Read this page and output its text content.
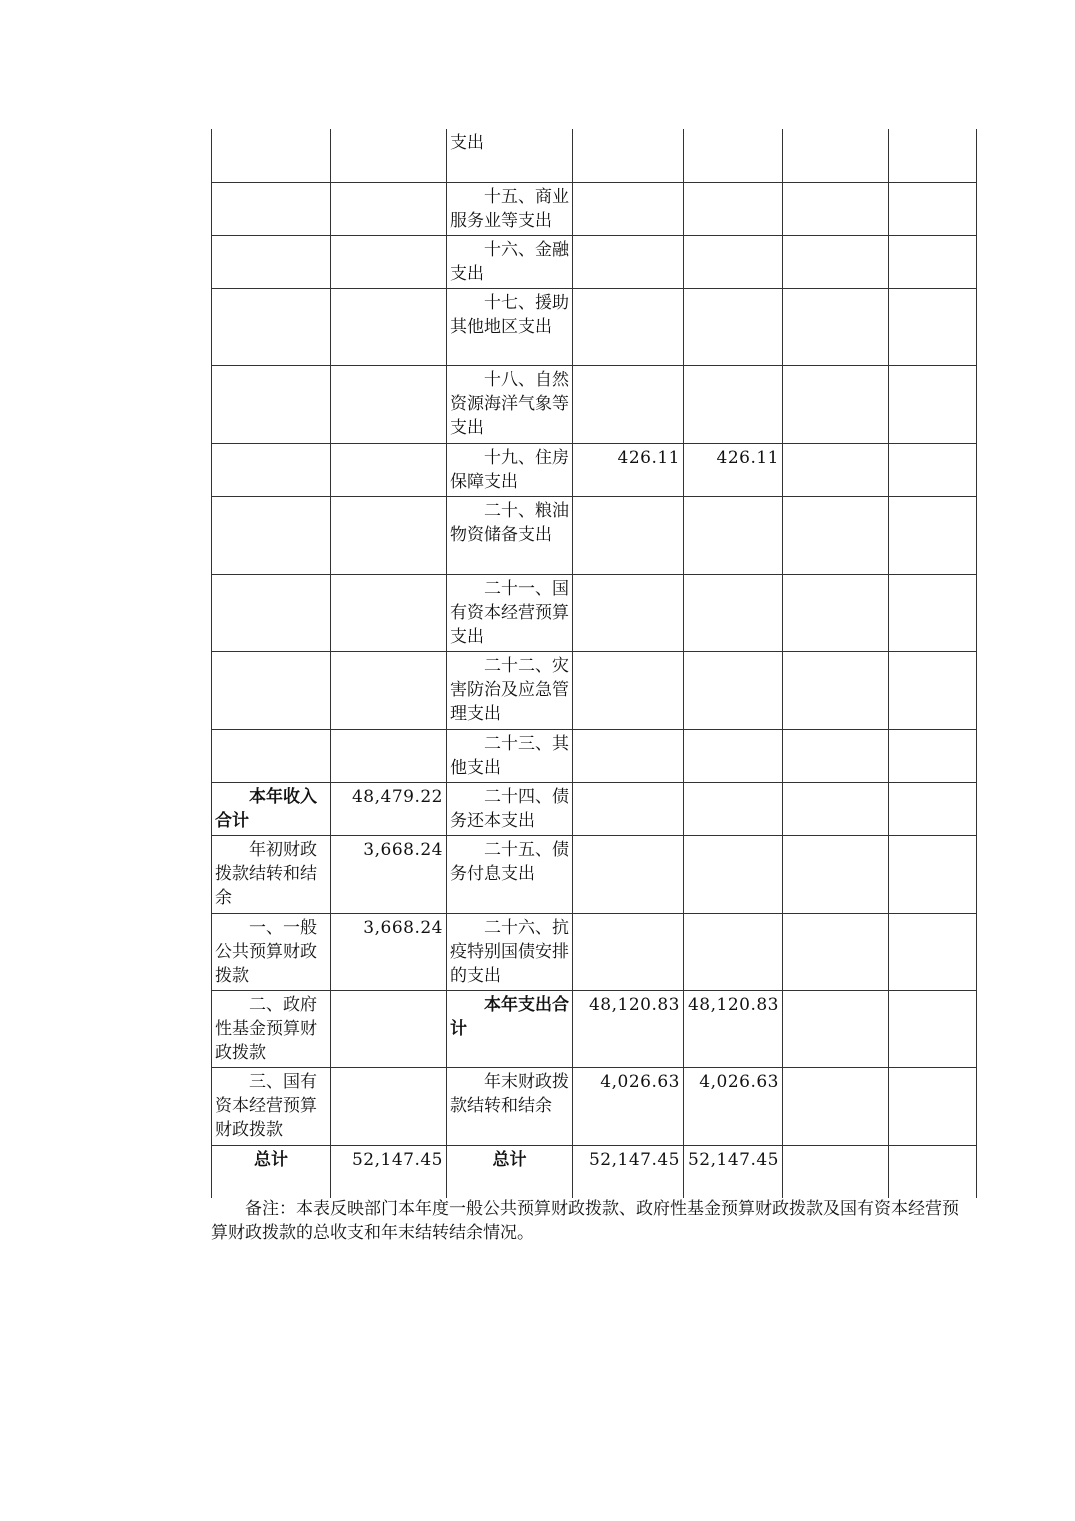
		支出				
		十五、商业服务业等支出				
		十六、金融支出				
		十七、援助其他地区支出				
		十八、自然资源海洋气象等支出				
		十九、住房保障支出	426.11	426.11		
		二十、粮油物资储备支出				
		二十一、国有资本经营预算支出				
		二十二、灾害防治及应急管理支出				
		二十三、其他支出				
本年收入合计	48,479.22	二十四、债务还本支出				
年初财政拨款结转和结余	3,668.24	二十五、债务付息支出				
一、一般公共预算财政拨款	3,668.24	二十六、抗疫特别国债安排的支出				
二、政府性基金预算财政拨款		本年支出合计	48,120.83	48,120.83		
三、国有资本经营预算财政拨款		年末财政拨款结转和结余	4,026.63	4,026.63		
总计	52,147.45	总计	52,147.45	52,147.45		
备注：本表反映部门本年度一般公共预算财政拨款、政府性基金预算财政拨款及国有资本经营预算财政拨款的总收支和年末结转结余情况。
